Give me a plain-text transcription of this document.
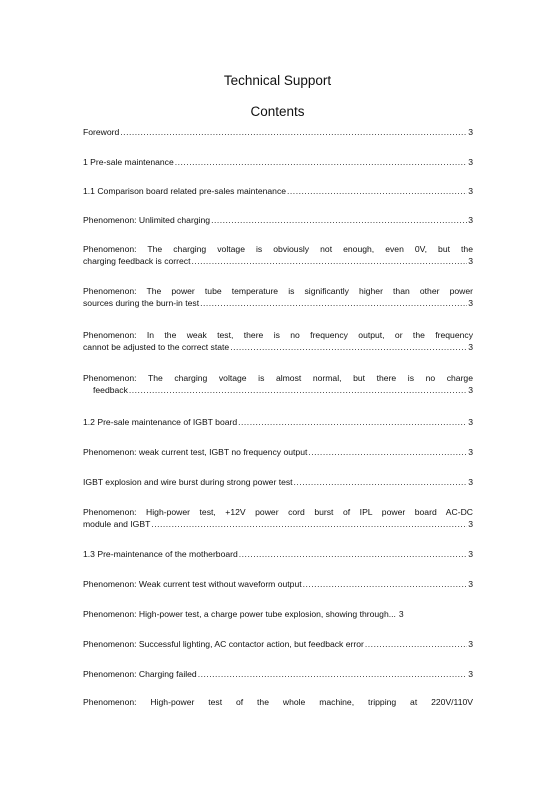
Technical Support
Contents
Foreword .....	3
1 Pre-sale maintenance .....	3
1.1 Comparison board related pre-sales maintenance .....	3
Phenomenon: Unlimited charging .....	3
Phenomenon: The charging voltage is obviously not enough, even 0V, but the
charging feedback is correct .....	3
Phenomenon: The power tube temperature is significantly higher than other power
sources during the burn-in test .....	3
Phenomenon: In the weak test, there is no frequency output, or the frequency
cannot be adjusted to the correct state .....	3
Phenomenon: The charging voltage is almost normal, but there is no charge
feedback .....	3
1.2 Pre-sale maintenance of IGBT board .....	3
Phenomenon: weak current test, IGBT no frequency output .....	3
IGBT explosion and wire burst during strong power test .....	3
Phenomenon: High-power test, +12V power cord burst of IPL power board AC-DC
module and IGBT .....	3
1.3 Pre-maintenance of the motherboard .....	3
Phenomenon: Weak current test without waveform output .....	3
Phenomenon: High-power test, a charge power tube explosion, showing through... 3
Phenomenon: Successful lighting, AC contactor action, but feedback error .....	3
Phenomenon: Charging failed .....	3
Phenomenon: High-power test of the whole machine, tripping at 220V/110V
